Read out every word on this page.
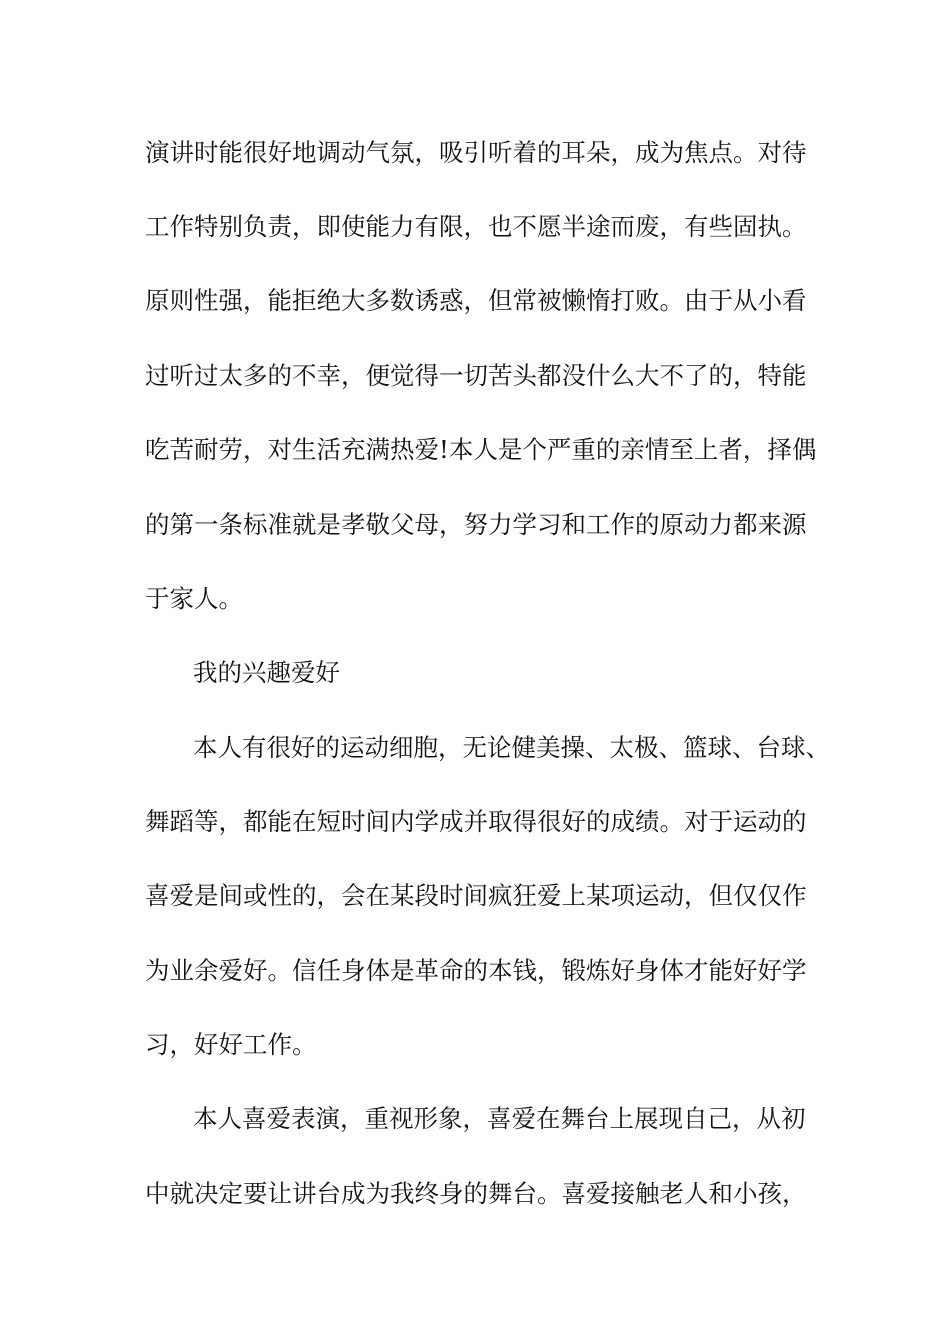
演讲时能很好地调动气氛，吸引听着的耳朵，成为焦点。对待
工作特别负责，即使能力有限，也不愿半途而废，有些固执。
原则性强，能拒绝大多数诱惑，但常被懒惰打败。由于从小看
过听过太多的不幸，便觉得一切苦头都没什么大不了的，特能
吃苦耐劳，对生活充满热爱!本人是个严重的亲情至上者，择偶
的第一条标准就是孝敬父母，努力学习和工作的原动力都来源
于家人。
我的兴趣爱好
本人有很好的运动细胞，无论健美操、太极、篮球、台球、
舞蹈等，都能在短时间内学成并取得很好的成绩。对于运动的
喜爱是间或性的，会在某段时间疯狂爱上某项运动，但仅仅作
为业余爱好。信任身体是革命的本钱，锻炼好身体才能好好学
习，好好工作。
本人喜爱表演，重视形象，喜爱在舞台上展现自己，从初
中就决定要让讲台成为我终身的舞台。喜爱接触老人和小孩，
